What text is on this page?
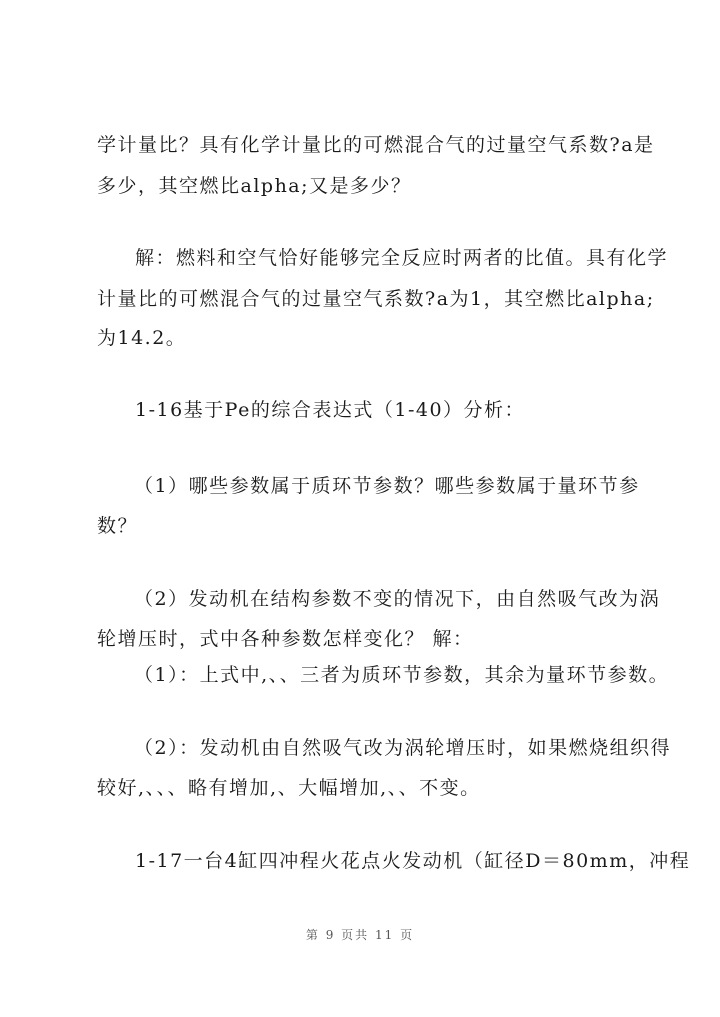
学计量比？具有化学计量比的可燃混合气的过量空气系数?a是
多少，其空燃比alpha;又是多少？
解：燃料和空气恰好能够完全反应时两者的比值。具有化学
计量比的可燃混合气的过量空气系数?a为1，其空燃比alpha;
为14.2。
1-16基于Pe的综合表达式（1-40）分析：
（1）哪些参数属于质环节参数？哪些参数属于量环节参
数？
（2）发动机在结构参数不变的情况下，由自然吸气改为涡
轮增压时，式中各种参数怎样变化？ 解：
（1）：上式中,、、三者为质环节参数，其余为量环节参数。
（2）：发动机由自然吸气改为涡轮增压时，如果燃烧组织得
较好,、、、略有增加,、大幅增加,、、不变。
1-17一台4缸四冲程火花点火发动机（缸径D＝80mm，冲程
第 9 页共 11 页
